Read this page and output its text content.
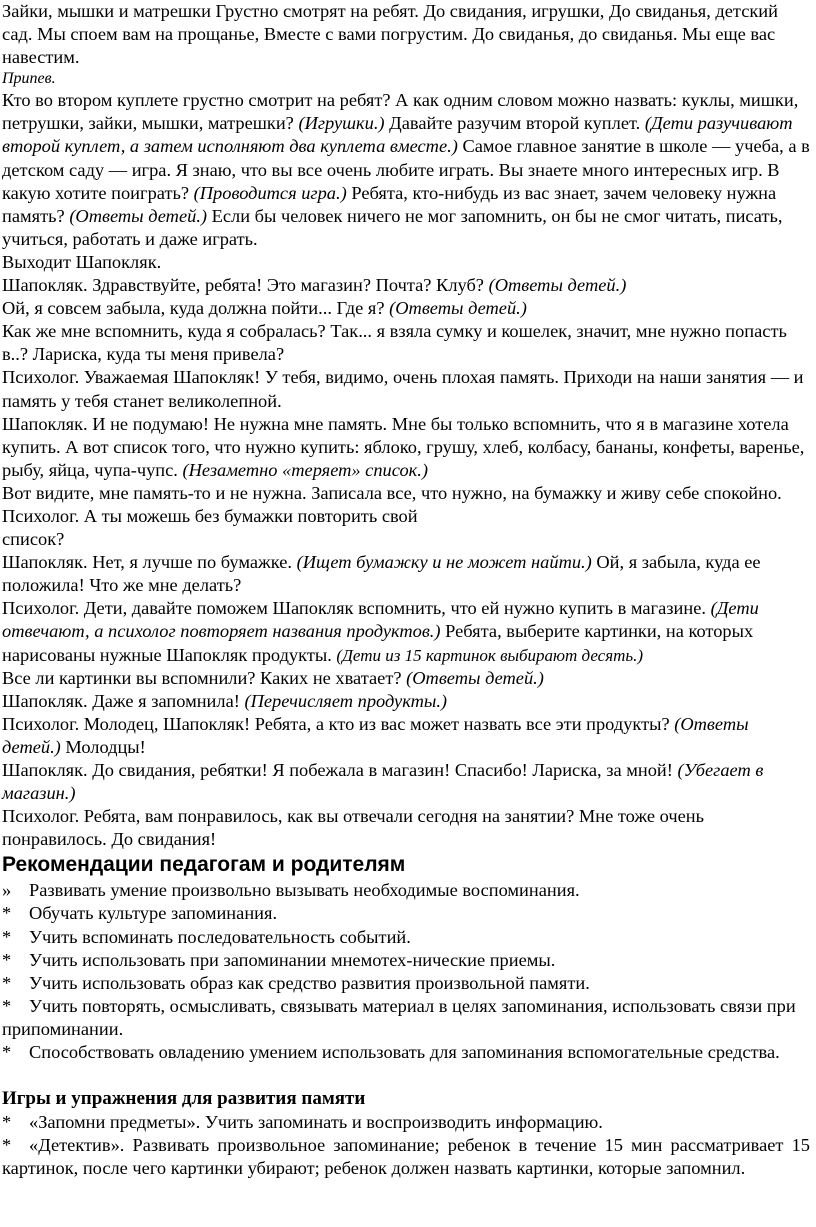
Зайки, мышки и матрешки Грустно смотрят на ребят. До свидания, игрушки, До свиданья, детский сад. Мы споем вам на прощанье, Вместе с вами погрустим. До свиданья, до свиданья. Мы еще вас навестим.

Припев.

Кто во втором куплете грустно смотрит на ребят? А как одним словом можно назвать: куклы, мишки, петрушки, зайки, мышки, матрешки? (Игрушки.) Давайте разучим второй куплет. (Дети разучивают второй куплет, а затем исполняют два куплета вместе.) Самое главное занятие в школе — учеба, а в детском саду — игра. Я знаю, что вы все очень любите играть. Вы знаете много интересных игр. В какую хотите поиграть? (Проводится игра.) Ребята, кто-нибудь из вас знает, зачем человеку нужна память? (Ответы детей.) Если бы человек ничего не мог запомнить, он бы не смог читать, писать, учиться, работать и даже играть.

Выходит Шапокляк.

Шапокляк. Здравствуйте, ребята! Это магазин? Почта? Клуб? (Ответы детей.)

Ой, я совсем забыла, куда должна пойти... Где я? (Ответы детей.)

Как же мне вспомнить, куда я собралась? Так... я взяла сумку и кошелек, значит, мне нужно попасть в..? Лариска, куда ты меня привела?

Психолог. Уважаемая Шапокляк! У тебя, видимо, очень плохая память. Приходи на наши занятия — и память у тебя станет великолепной.

Шапокляк. И не подумаю! Не нужна мне память. Мне бы только вспомнить, что я в магазине хотела купить. А вот список того, что нужно купить: яблоко, грушу, хлеб, колбасу, бананы, конфеты, варенье, рыбу, яйца, чупа-чупс. (Незаметно «теряет» список.)

Вот видите, мне память-то и не нужна. Записала все, что нужно, на бумажку и живу себе спокойно.

Психолог. А ты можешь без бумажки повторить свой

список?

Шапокляк. Нет, я лучше по бумажке. (Ищет бумажку и не может найти.) Ой, я забыла, куда ее положила! Что же мне делать?

Психолог. Дети, давайте поможем Шапокляк вспомнить, что ей нужно купить в магазине. (Дети отвечают, а психолог повторяет названия продуктов.) Ребята, выберите картинки, на которых нарисованы нужные Шапокляк продукты. (Дети из 15 картинок выбирают десять.)

Все ли картинки вы вспомнили? Каких не хватает? (Ответы детей.)

Шапокляк. Даже я запомнила! (Перечисляет продукты.)

Психолог. Молодец, Шапокляк! Ребята, а кто из вас может назвать все эти продукты? (Ответы детей.) Молодцы!

Шапокляк. До свидания, ребятки! Я побежала в магазин! Спасибо! Лариска, за мной! (Убегает в магазин.)

Психолог. Ребята, вам понравилось, как вы отвечали сегодня на занятии? Мне тоже очень понравилось. До свидания!

Рекомендации педагогам и родителям
» Развивать умение произвольно вызывать необходимые воспоминания.
* Обучать культуре запоминания.
* Учить вспоминать последовательность событий.
* Учить использовать при запоминании мнемотех-нические приемы.
* Учить использовать образ как средство развития произвольной памяти.
* Учить повторять, осмысливать, связывать материал в целях запоминания, использовать связи при припоминании.
* Способствовать овладению умением использовать для запоминания вспомогательные средства.
Игры и упражнения для развития памяти
* «Запомни предметы». Учить запоминать и воспроизводить информацию.
* «Детектив». Развивать произвольное запоминание; ребенок в течение 15 мин рассматривает 15 картинок, после чего картинки убирают; ребенок должен назвать картинки, которые запомнил.
